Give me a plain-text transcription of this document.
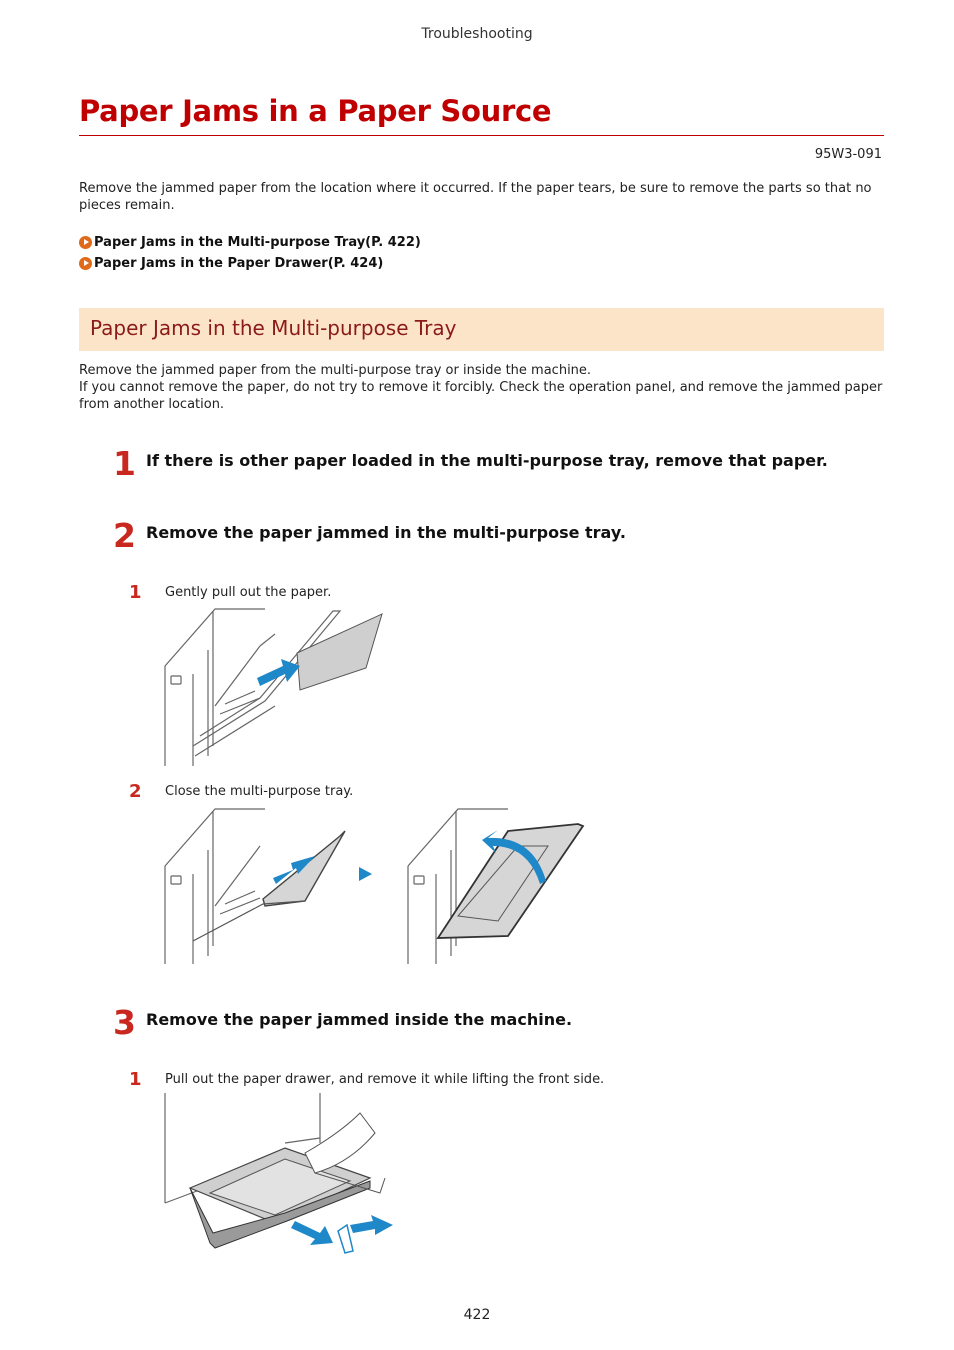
Troubleshooting
Paper Jams in a Paper Source
95W3-091
Remove the jammed paper from the location where it occurred. If the paper tears, be sure to remove the parts so that no pieces remain.
Paper Jams in the Multi-purpose Tray(P. 422)
Paper Jams in the Paper Drawer(P. 424)
Paper Jams in the Multi-purpose Tray
Remove the jammed paper from the multi-purpose tray or inside the machine.
If you cannot remove the paper, do not try to remove it forcibly. Check the operation panel, and remove the jammed paper from another location.
1 If there is other paper loaded in the multi-purpose tray, remove that paper.
2 Remove the paper jammed in the multi-purpose tray.
1 Gently pull out the paper.
2 Close the multi-purpose tray.
3 Remove the paper jammed inside the machine.
1 Pull out the paper drawer, and remove it while lifting the front side.
422
